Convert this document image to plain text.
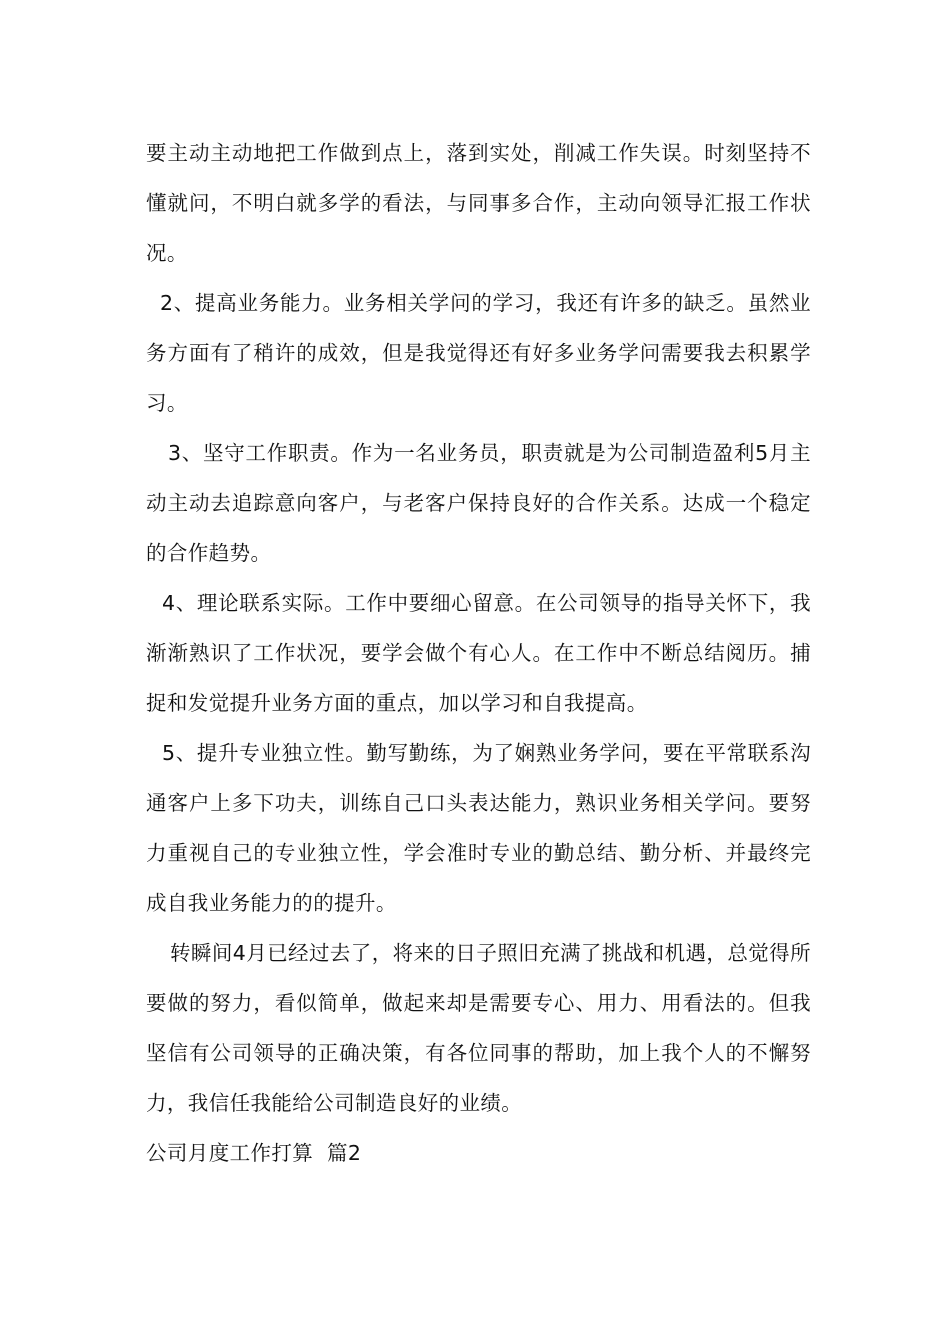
要主动主动地把工作做到点上，落到实处，削减工作失误。时刻坚持不懂就问，不明白就多学的看法，与同事多合作，主动向领导汇报工作状况。

2、提高业务能力。业务相关学问的学习，我还有许多的缺乏。虽然业务方面有了稍许的成效，但是我觉得还有好多业务学问需要我去积累学习。

3、坚守工作职责。作为一名业务员，职责就是为公司制造盈利5月主动主动去追踪意向客户，与老客户保持良好的合作关系。达成一个稳定的合作趋势。

4、理论联系实际。工作中要细心留意。在公司领导的指导关怀下，我渐渐熟识了工作状况，要学会做个有心人。在工作中不断总结阅历。捕捉和发觉提升业务方面的重点，加以学习和自我提高。

5、提升专业独立性。勤写勤练，为了娴熟业务学问，要在平常联系沟通客户上多下功夫，训练自己口头表达能力，熟识业务相关学问。要努力重视自己的专业独立性，学会准时专业的勤总结、勤分析、并最终完成自我业务能力的的提升。

转瞬间4月已经过去了，将来的日子照旧充满了挑战和机遇，总觉得所要做的努力，看似简单，做起来却是需要专心、用力、用看法的。但我坚信有公司领导的正确决策，有各位同事的帮助，加上我个人的不懈努力，我信任我能给公司制造良好的业绩。

公司月度工作打算  篇2
